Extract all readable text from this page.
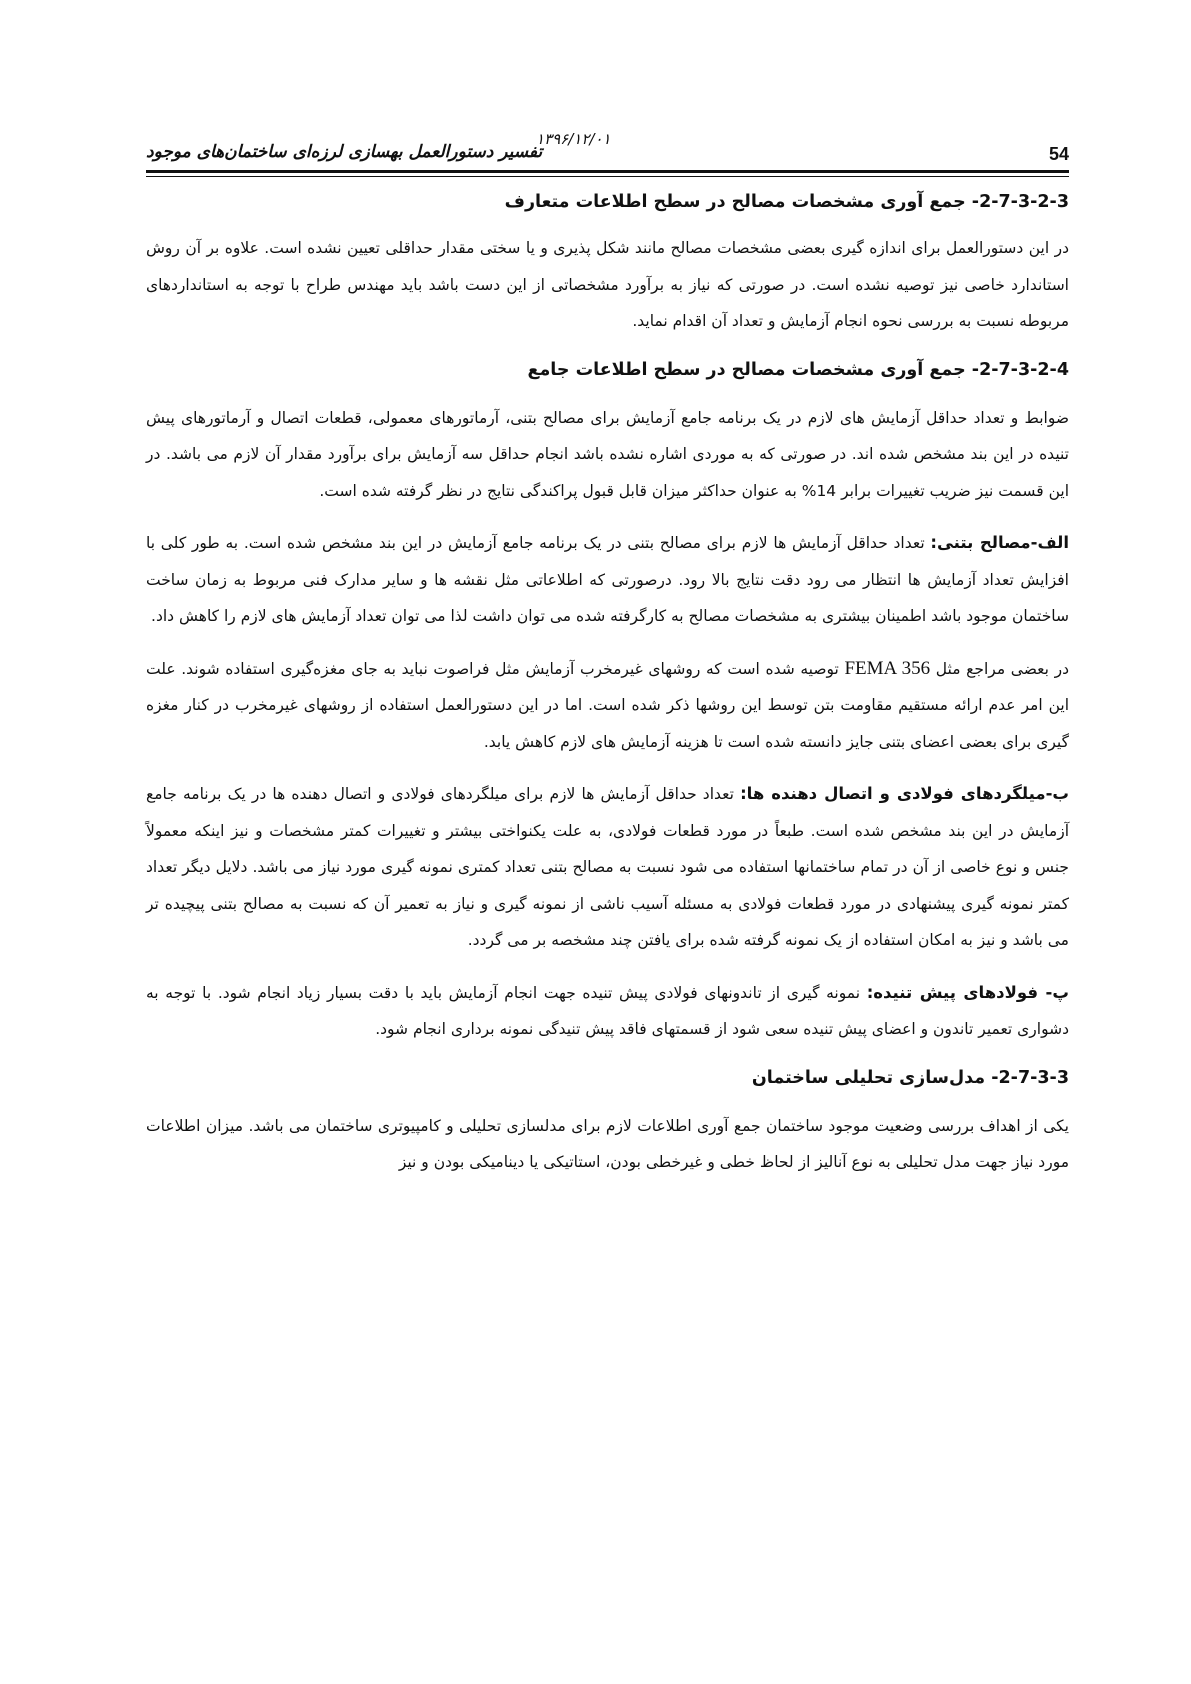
تفسیر دستورالعمل بهسازی لرزه‌ای ساختمان‌های موجود
۱۳۹۶/۱۲/۰۱
54
2-7-3-2-3- جمع آوری مشخصات مصالح در سطح اطلاعات متعارف

در این دستورالعمل برای اندازه گیری بعضی مشخصات مصالح مانند شکل پذیری و یا سختی مقدار حداقلی تعیین نشده است. علاوه بر آن روش استاندارد خاصی نیز توصیه نشده است. در صورتی که نیاز به برآورد مشخصاتی از این دست باشد باید مهندس طراح با توجه به استانداردهای مربوطه نسبت به بررسی نحوه انجام آزمایش و تعداد آن اقدام نماید.

2-7-3-2-4- جمع آوری مشخصات مصالح در سطح اطلاعات جامع

ضوابط و تعداد حداقل آزمایش های لازم در یک برنامه جامع آزمایش برای مصالح بتنی، آرماتورهای معمولی، قطعات اتصال و آرماتورهای پیش تنیده در این بند مشخص شده اند. در صورتی که به موردی اشاره نشده باشد انجام حداقل سه آزمایش برای برآورد مقدار آن لازم می باشد. در این قسمت نیز ضریب تغییرات برابر 14% به عنوان حداکثر میزان قابل قبول پراکندگی نتایج در نظر گرفته شده است.

الف-مصالح بتنی: تعداد حداقل آزمایش ها لازم برای مصالح بتنی در یک برنامه جامع آزمایش در این بند مشخص شده است. به طور کلی با افزایش تعداد آزمایش ها انتظار می رود دقت نتایج بالا رود. درصورتی که اطلاعاتی مثل نقشه ها و سایر مدارک فنی مربوط به زمان ساخت ساختمان موجود باشد اطمینان بیشتری به مشخصات مصالح به کارگرفته شده می توان داشت لذا می توان تعداد آزمایش های لازم را کاهش داد.

در بعضی مراجع مثل FEMA 356 توصیه شده است که روشهای غیرمخرب آزمایش مثل فراصوت نباید به جای مغزه‌گیری استفاده شوند. علت این امر عدم ارائه مستقیم مقاومت بتن توسط این روشها ذکر شده است. اما در این دستورالعمل استفاده از روشهای غیرمخرب در کنار مغزه گیری برای بعضی اعضای بتنی جایز دانسته شده است تا هزینه آزمایش های لازم کاهش یابد.

ب-میلگردهای فولادی و اتصال دهنده ها: تعداد حداقل آزمایش ها لازم برای میلگردهای فولادی و اتصال دهنده ها در یک برنامه جامع آزمایش در این بند مشخص شده است. طبعاً در مورد قطعات فولادی، به علت یکنواختی بیشتر و تغییرات کمتر مشخصات و نیز اینکه معمولاً جنس و نوع خاصی از آن در تمام ساختمانها استفاده می شود نسبت به مصالح بتنی تعداد کمتری نمونه گیری مورد نیاز می باشد. دلایل دیگر تعداد کمتر نمونه گیری پیشنهادی در مورد قطعات فولادی به مسئله آسیب ناشی از نمونه گیری و نیاز به تعمیر آن که نسبت به مصالح بتنی پیچیده تر می باشد و نیز به امکان استفاده از یک نمونه گرفته شده برای یافتن چند مشخصه بر می گردد.

پ- فولادهای پیش تنیده: نمونه گیری از تاندونهای فولادی پیش تنیده جهت انجام آزمایش باید با دقت بسیار زیاد انجام شود. با توجه به دشواری تعمیر تاندون و اعضای پیش تنیده سعی شود از قسمتهای فاقد پیش تنیدگی نمونه برداری انجام شود.

2-7-3-3- مدل‌سازی تحلیلی ساختمان

یکی از اهداف بررسی وضعیت موجود ساختمان جمع آوری اطلاعات لازم برای مدلسازی تحلیلی و کامپیوتری ساختمان می باشد. میزان اطلاعات مورد نیاز جهت مدل تحلیلی به نوع آنالیز از لحاظ خطی و غیرخطی بودن، استاتیکی یا دینامیکی بودن و نیز
